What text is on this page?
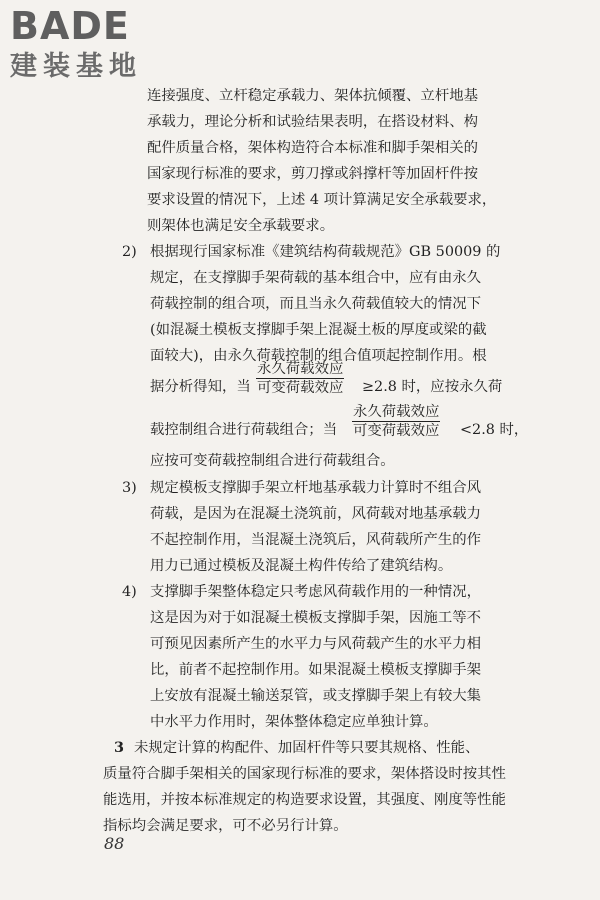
BADE
建装基地
连接强度、立杆稳定承载力、架体抗倾覆、立杆地基
承载力，理论分析和试验结果表明，在搭设材料、构
配件质量合格，架体构造符合本标准和脚手架相关的
国家现行标准的要求，剪刀撑或斜撑杆等加固杆件按
要求设置的情况下，上述 4 项计算满足安全承载要求，
则架体也满足安全承载要求。
2) 根据现行国家标准《建筑结构荷载规范》GB 50009 的
规定，在支撑脚手架荷载的基本组合中，应有由永久
荷载控制的组合项，而且当永久荷载值较大的情况下
(如混凝土模板支撑脚手架上混凝土板的厚度或梁的截
面较大)，由永久荷载控制的组合值项起控制作用。根
据分析得知，当
永久荷载效应
可变荷载效应 ≥2.8 时，应按永久荷
载控制组合进行荷载组合；当
永久荷载效应
可变荷载效应 <2.8 时，
应按可变荷载控制组合进行荷载组合。
3) 规定模板支撑脚手架立杆地基承载力计算时不组合风
荷载，是因为在混凝土浇筑前，风荷载对地基承载力
不起控制作用，当混凝土浇筑后，风荷载所产生的作
用力已通过模板及混凝土构件传给了建筑结构。
4) 支撑脚手架整体稳定只考虑风荷载作用的一种情况，
这是因为对于如混凝土模板支撑脚手架，因施工等不
可预见因素所产生的水平力与风荷载产生的水平力相
比，前者不起控制作用。如果混凝土模板支撑脚手架
上安放有混凝土输送泵管，或支撑脚手架上有较大集
中水平力作用时，架体整体稳定应单独计算。
3 未规定计算的构配件、加固杆件等只要其规格、性能、
质量符合脚手架相关的国家现行标准的要求，架体搭设时按其性
能选用，并按本标准规定的构造要求设置，其强度、刚度等性能
指标均会满足要求，可不必另行计算。
88
